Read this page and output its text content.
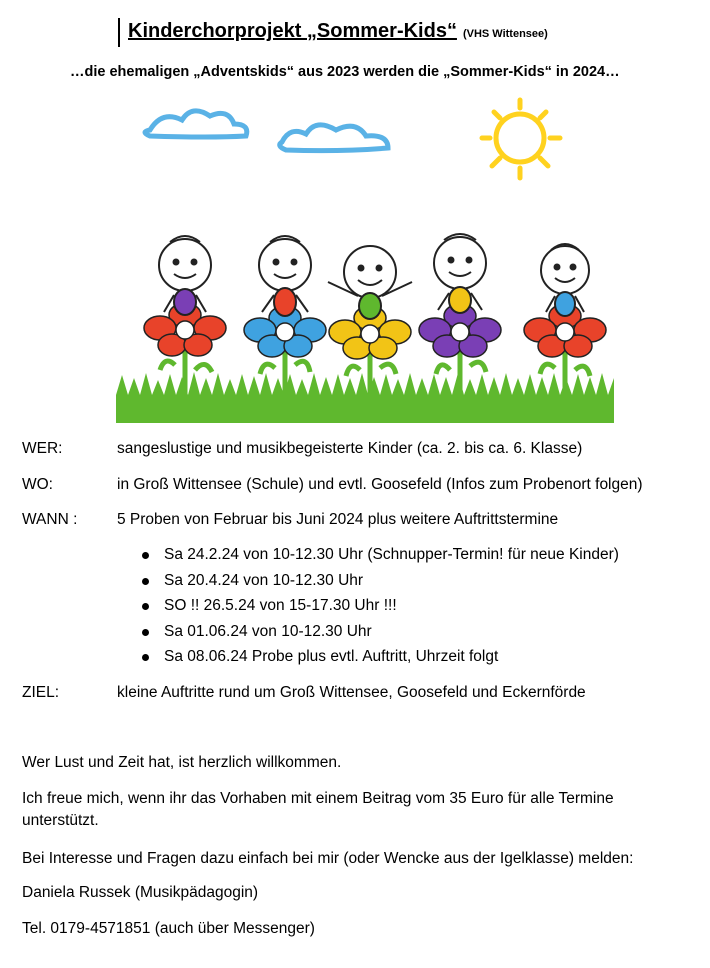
Kinderchorprojekt „Sommer-Kids“ (VHS Wittensee)
…die ehemaligen „Adventskids“ aus 2023 werden die „Sommer-Kids“ in 2024…
WER:	sangeslustige und musikbegeisterte Kinder (ca. 2. bis ca. 6. Klasse)
WO:	in Groß Wittensee (Schule) und evtl. Goosefeld (Infos zum Probenort folgen)
WANN :	5 Proben von Februar bis Juni 2024 plus weitere Auftrittstermine
Sa 24.2.24 von 10-12.30 Uhr (Schnupper-Termin! für neue Kinder)
Sa 20.4.24 von 10-12.30 Uhr
SO !! 26.5.24 von 15-17.30 Uhr !!!
Sa 01.06.24 von 10-12.30 Uhr
Sa 08.06.24 Probe plus evtl. Auftritt, Uhrzeit folgt
ZIEL:	kleine Auftritte rund um Groß Wittensee, Goosefeld und Eckernförde
Wer Lust und Zeit hat, ist herzlich willkommen.
Ich freue mich, wenn ihr das Vorhaben mit einem Beitrag vom 35 Euro für alle Termine unterstützt.
Bei Interesse und Fragen dazu einfach bei mir (oder Wencke aus der Igelklasse) melden:
Daniela Russek (Musikpädagogin)
Tel. 0179-4571851 (auch über Messenger)
